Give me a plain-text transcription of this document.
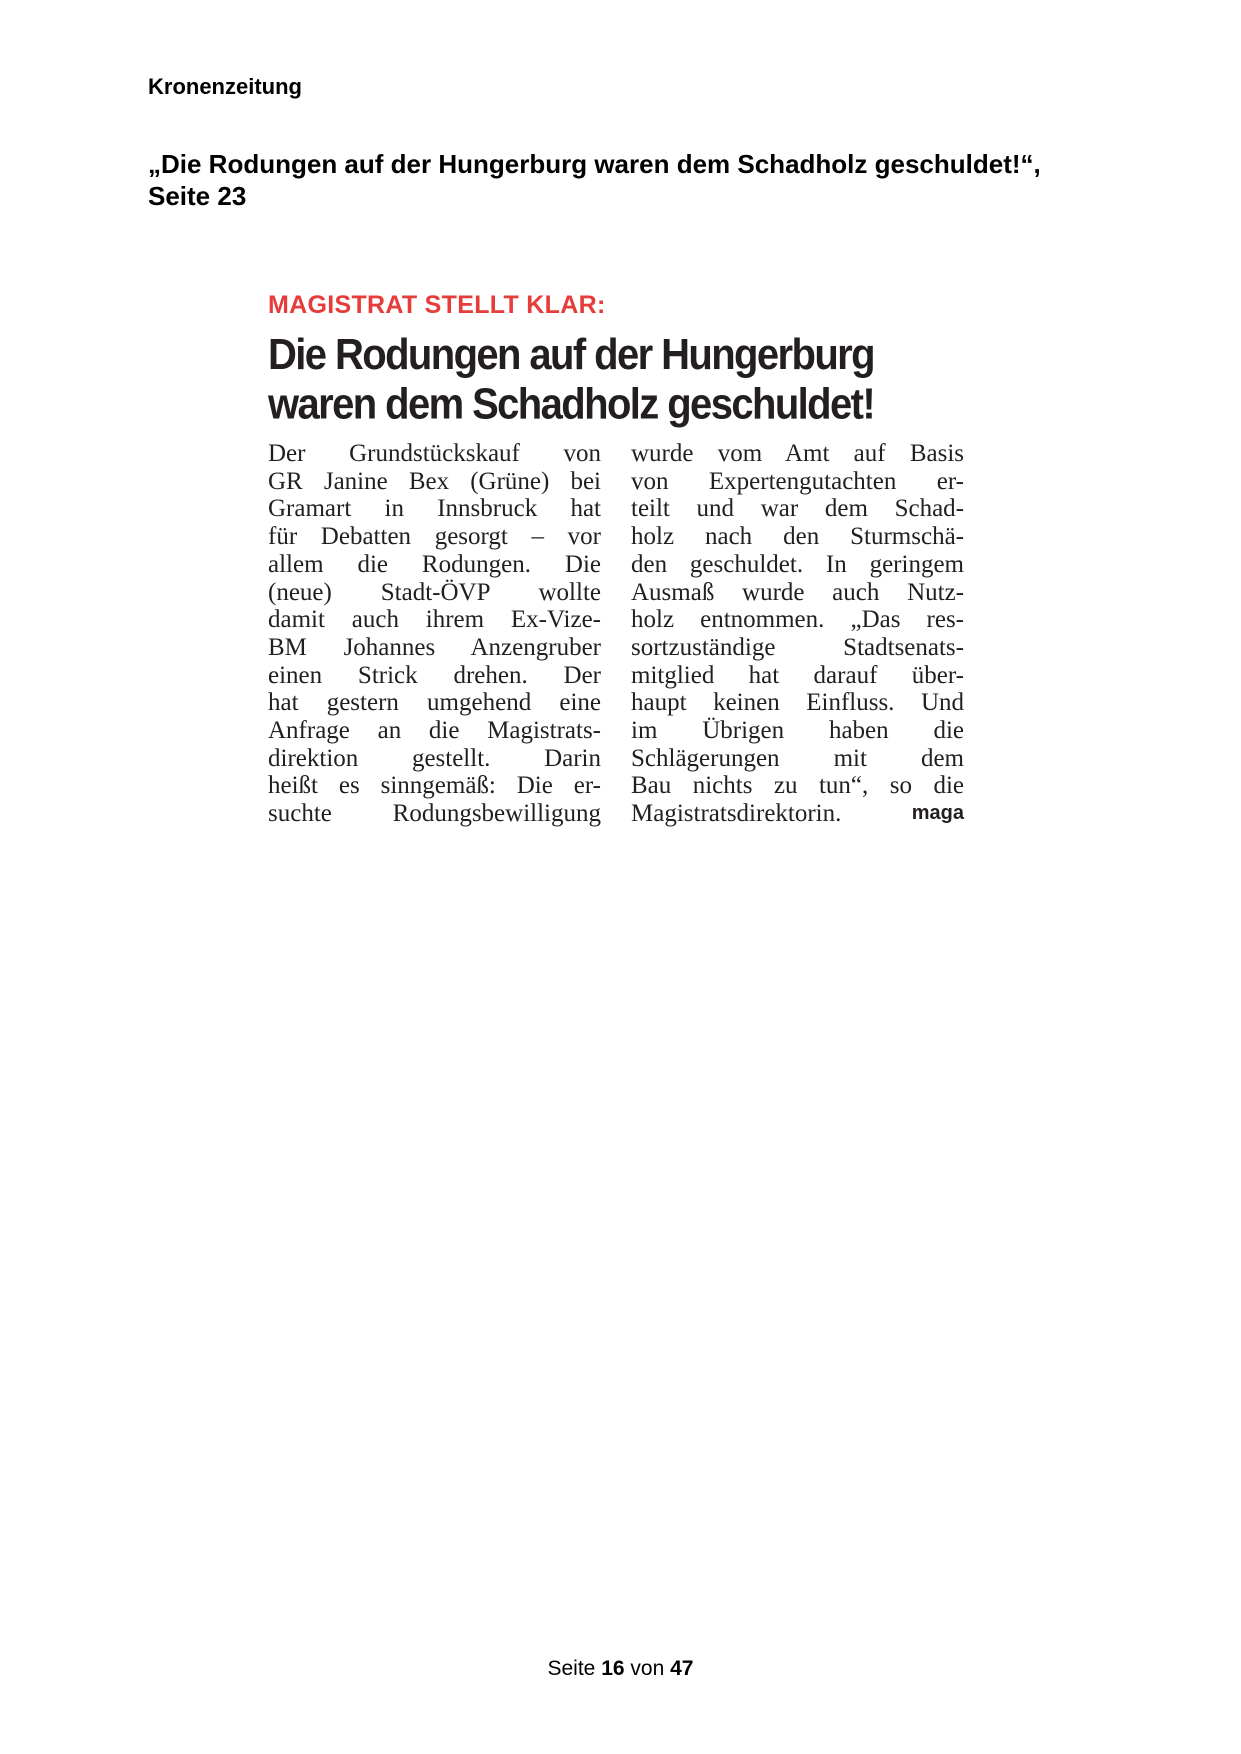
Kronenzeitung
„Die Rodungen auf der Hungerburg waren dem Schadholz geschuldet!“,
Seite 23
MAGISTRAT STELLT KLAR:
Die Rodungen auf der Hungerburg
waren dem Schadholz geschuldet!
Der Grundstückskauf von
GR Janine Bex (Grüne) bei
Gramart in Innsbruck hat
für Debatten gesorgt – vor
allem die Rodungen. Die
(neue) Stadt-ÖVP wollte
damit auch ihrem Ex-Vize-
BM Johannes Anzengruber
einen Strick drehen. Der
hat gestern umgehend eine
Anfrage an die Magistrats-
direktion gestellt. Darin
heißt es sinngemäß: Die er-
suchte Rodungsbewilligung
wurde vom Amt auf Basis
von Expertengutachten er-
teilt und war dem Schad-
holz nach den Sturmschä-
den geschuldet. In geringem
Ausmaß wurde auch Nutz-
holz entnommen. „Das res-
sortzuständige Stadtsenats-
mitglied hat darauf über-
haupt keinen Einfluss. Und
im Übrigen haben die
Schlägerungen mit dem
Bau nichts zu tun“, so die
Magistratsdirektorin.	maga
Seite 16 von 47
